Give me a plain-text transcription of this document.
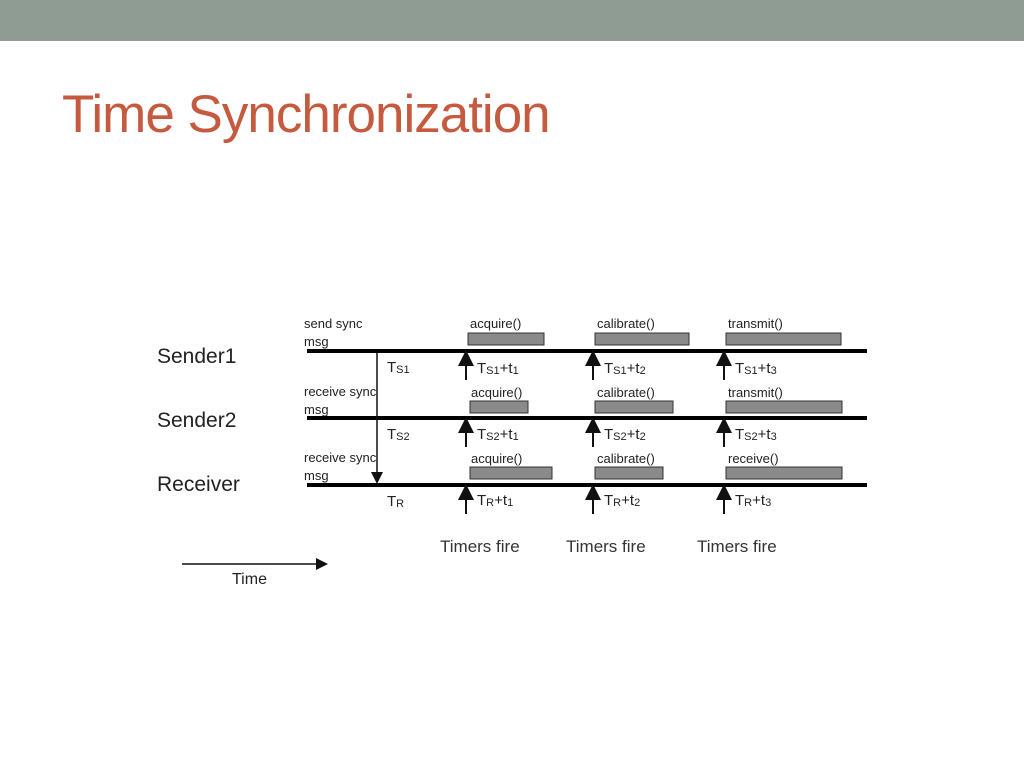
Time Synchronization
Sender1
Sender2
Receiver
send sync
msg
receive sync
msg
receive sync
msg
TS1
TS2
TR
acquire()	calibrate()	transmit()
acquire()	calibrate()	transmit()
acquire()	calibrate()	receive()
TS1+t1	TS1+t2	TS1+t3
TS2+t1	TS2+t2	TS2+t3
TR+t1	TR+t2	TR+t3
Timers fire	Timers fire	Timers fire
Time
